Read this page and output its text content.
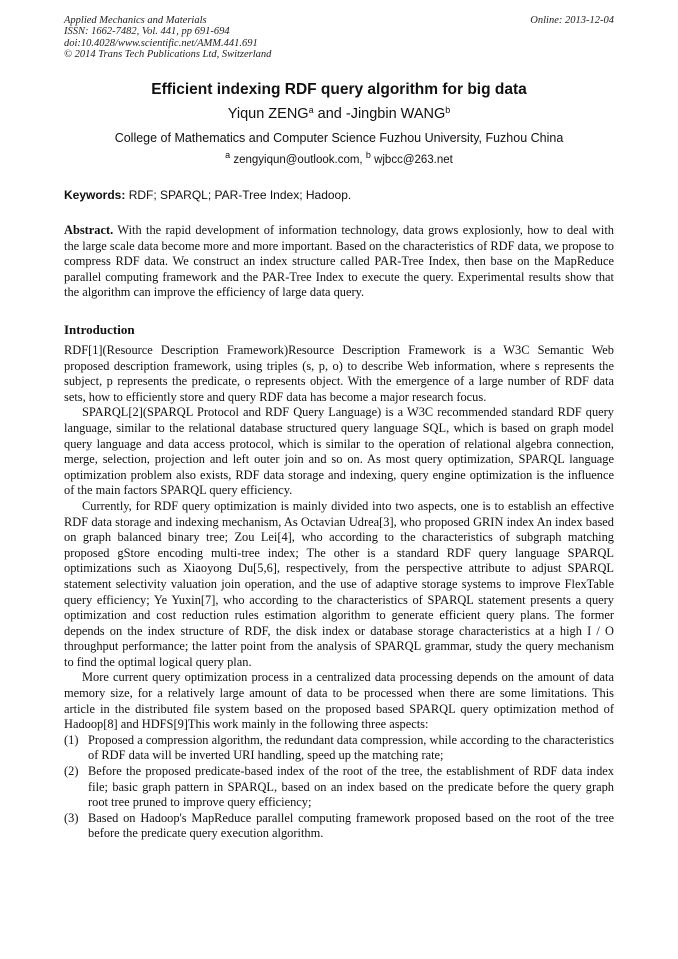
Applied Mechanics and Materials
ISSN: 1662-7482, Vol. 441, pp 691-694
doi:10.4028/www.scientific.net/AMM.441.691
© 2014 Trans Tech Publications Ltd, Switzerland
Online: 2013-12-04
Efficient indexing RDF query algorithm for big data
Yiqun ZENG$^a$ and -Jingbin WANG$^b$
College of Mathematics and Computer Science Fuzhou University, Fuzhou China
$^a$ zengyiqun@outlook.com, $^b$ wjbcc@263.net
Keywords: RDF; SPARQL; PAR-Tree Index; Hadoop.
Abstract. With the rapid development of information technology, data grows explosionly, how to deal with the large scale data become more and more important. Based on the characteristics of RDF data, we propose to compress RDF data. We construct an index structure called PAR-Tree Index, then base on the MapReduce parallel computing framework and the PAR-Tree Index to execute the query. Experimental results show that the algorithm can improve the efficiency of large data query.
Introduction

RDF[1](Resource Description Framework)Resource Description Framework is a W3C Semantic Web proposed description framework, using triples (s, p, o) to describe Web information, where s represents the subject, p represents the predicate, o represents object. With the emergence of a large number of RDF data sets, how to efficiently store and query RDF data has become a major research focus.

SPARQL[2](SPARQL Protocol and RDF Query Language) is a W3C recommended standard RDF query language, similar to the relational database structured query language SQL, which is based on graph model query language and data access protocol, which is similar to the operation of relational algebra connection, merge, selection, projection and left outer join and so on. As most query optimization, SPARQL language optimization problem also exists, RDF data storage and indexing, query engine optimization is the influence of the main factors SPARQL query efficiency.

Currently, for RDF query optimization is mainly divided into two aspects, one is to establish an effective RDF data storage and indexing mechanism, As Octavian Udrea[3], who proposed GRIN index An index based on graph balanced binary tree; Zou Lei[4], who according to the characteristics of subgraph matching proposed gStore encoding multi-tree index; The other is a standard RDF query language SPARQL optimizations such as Xiaoyong Du[5,6], respectively, from the perspective attribute to adjust SPARQL statement selectivity valuation join operation, and the use of adaptive storage systems to improve FlexTable query efficiency; Ye Yuxin[7], who according to the characteristics of SPARQL statement presents a query optimization and cost reduction rules estimation algorithm to generate efficient query plans. The former depends on the index structure of RDF, the disk index or database storage characteristics at a high I / O throughput performance; the latter point from the analysis of SPARQL grammar, study the query mechanism to find the optimal logical query plan.

More current query optimization process in a centralized data processing depends on the amount of data memory size, for a relatively large amount of data to be processed when there are some limitations. This article in the distributed file system based on the proposed based SPARQL query optimization method of Hadoop[8] and HDFS[9]This work mainly in the following three aspects:

(1) Proposed a compression algorithm, the redundant data compression, while according to the characteristics of RDF data will be inverted URI handling, speed up the matching rate;
(2) Before the proposed predicate-based index of the root of the tree, the establishment of RDF data index file; basic graph pattern in SPARQL, based on an index based on the predicate before the query graph root tree pruned to improve query efficiency;
(3) Based on Hadoop's MapReduce parallel computing framework proposed based on the root of the tree before the predicate query execution algorithm.
